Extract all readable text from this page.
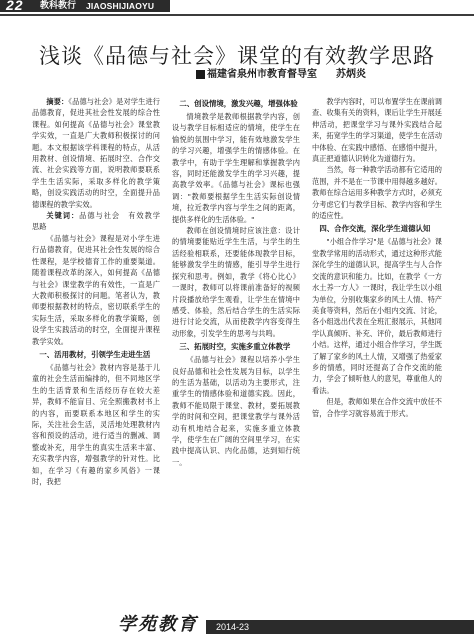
22 教科教行 JIAOSHIJIAOYU
浅谈《品德与社会》课堂的有效教学思路
福建省泉州市教育督导室 苏炳炎

摘要：《品德与社会》是对学生进行品德教育，促进其社会性发展的综合性课程。如何提高《品德与社会》课堂教学实效，一直是广大教师积极探讨的问题。本文根据该学科课程的特点，从活用教材、创设情境、拓展时空、合作交流、社会实践等方面，说明教师要联系学生生活实际，采取多样化的教学策略，创设实践活动的时空，全面提升品德课程的教学实效。

关键词：品德与社会　有效教学　思路

《品德与社会》课程是对小学生进行品德教育，促进其社会性发展的综合性课程，是学校德育工作的重要渠道。随着课程改革的深入，如何提高《品德与社会》课堂教学的有效性，一直是广大教师积极探讨的问题。笔者认为，教师要根据教材的特点，密切联系学生的实际生活，采取多样化的教学策略，创设学生实践活动的时空，全面提升课程教学实效。

一、活用教材，引领学生走进生活

《品德与社会》教材内容是基于儿童的社会生活而编排的，但不同地区学生的生活背景和生活经历存在较大差异，教师不能盲目、完全照搬教材书上的内容，而要联系本地区和学生的实际，关注社会生活，灵活地处理教材内容和预设的活动，进行适当的删减、调整或补充，用学生的真实生活来丰富、充实教学内容，增强教学的针对性。比如，在学习《有趣的家乡风俗》一课时，我把

二、创设情境，激发兴趣，增强体验

情境教学是教师根据教学内容，创设与教学目标相适应的情境，使学生在愉悦的氛围中学习，能有效地激发学生的学习兴趣，增强学生的情感体验。在教学中，有助于学生理解和掌握教学内容，同时还能激发学生的学习兴趣，提高教学效率。《品德与社会》课标也强调："教师要根据学生生活实际创设情境，拉近教学内容与学生之间的距离，提供多样化的生活体验。"

教师在创设情境时应该注意：设计的情境要能贴近学生生活，与学生的生活经验相联系，还要能体现教学目标，能够激发学生的情感，能引导学生进行探究和思考。例如，教学《将心比心》一课时，教师可以将课前准备好的视频片段播放给学生观看，让学生在情境中感受、体验，然后结合学生的生活实际进行讨论交流，从而使教学内容变得生动形象，引发学生的思考与共鸣。

三、拓展时空，实施多重立体教学

《品德与社会》课程以培养小学生良好品德和社会性发展为目标，以学生的生活为基础，以活动为主要形式，注重学生的情感体验和道德实践。因此，教师不能局限于课堂、教材，要拓展教学的时间和空间，把课堂教学与课外活动有机地结合起来，实施多重立体教学，使学生在广阔的空间里学习，在实践中提高认识、内化品德，达到知行统一。

教学内容时，可以布置学生在课前调查、收集有关的资料，课后让学生开展延伸活动，把课堂学习与课外实践结合起来，拓宽学生的学习渠道，使学生在活动中体验、在实践中感悟、在感悟中提升，真正把道德认识转化为道德行为。

当然，每一种教学活动都有它适用的范围，并不是在一节课中用得越多越好。教师在综合运用多种教学方式时，必须充分考虑它们与教学目标、教学内容和学生的适应性。

四、合作交流，深化学生道德认知

"小组合作学习"是《品德与社会》课堂教学常用的活动形式，通过这种形式能深化学生的道德认识，提高学生与人合作交流的意识和能力。比如，在教学《一方水土养一方人》一课时，我让学生以小组为单位，分别收集家乡的风土人情、特产美食等资料，然后在小组内交流、讨论，各小组选出代表在全班汇报展示，其他同学认真倾听、补充、评价，最后教师进行小结。这样，通过小组合作学习，学生既了解了家乡的风土人情，又增强了热爱家乡的情感，同时还提高了合作交流的能力，学会了倾听他人的意见，尊重他人的看法。

但是，教师如果在合作交流中放任不管，合作学习就容易流于形式。

学苑教育 2014-23
